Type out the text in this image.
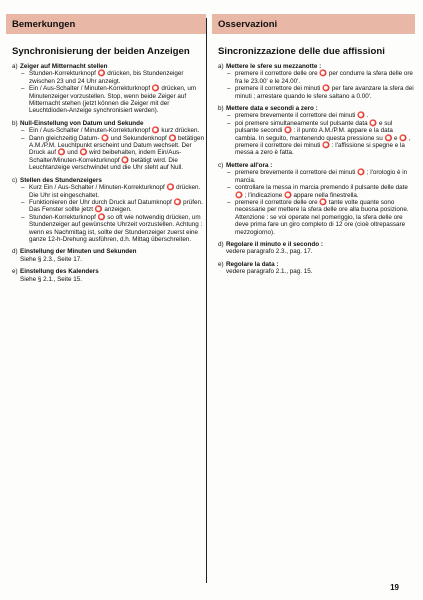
Bemerkungen
Synchronisierung der beiden Anzeigen
a) Zeiger auf Mitternacht stellen
– Stunden-Korrekturknopf ⭕ drücken, bis Stundenzeiger zwischen 23 und 24 Uhr anzeigt.
– Ein / Aus-Schalter / Minuten-Korrekturknopf ⭕ drücken, um Minutenzeiger vorzustellen. Stop, wenn beide Zeiger auf Mitternacht stehen (jetzt können die Zeiger mit der Leuchtdioden-Anzeige synchronisiert werden).
b) Null-Einstellung von Datum und Sekunde
– Ein / Aus-Schalter / Minuten-Korrekturknopf ⭕ kurz drücken.
– Dann gleichzeitig Datum- ⭕ und Sekundenknopf ⭕ betätigen A.M./P.M. Leuchtpunkt erscheint und Datum wechselt. Der Druck auf ⭕ und ⭕ wird beibehalten, indem Ein/Aus-Schalter/Minuten-Korrekturknopf ⭕ betätigt wird. Die Leuchtanzeige verschwindet und die Uhr steht auf Null.
c) Stellen des Stundenzeigers
– Kurz Ein / Aus-Schalter / Minuten-Korrekturknopf ⭕ drücken. Die Uhr ist eingeschaltet.
– Funktionieren der Uhr durch Druck auf Datumknopf ⭕ prüfen. Das Fenster sollte jetzt ⭕ anzeigen.
– Stunden-Korrekturknopf ⭕ so oft wie notwendig drücken, um Stundenzeiger auf gewünschte Uhrzeit vorzustellen. Achtung : wenn es Nachmittag ist, sollte der Stundenzeiger zuerst eine ganze 12-h-Drehung ausführen, d.h. Mittag überschreiten.
d) Einstellung der Minuten und Sekunden
Siehe § 2.3., Seite 17.
e) Einstellung des Kalenders
Siehe § 2.1., Seite 15.
Osservazioni
Sincronizzazione delle due affissioni
a) Mettere le sfere su mezzanotte :
– premere il correttore delle ore ⭕ per condurre la sfera delle ore fra le 23.00' e le 24.00'.
– premere il correttore dei minuti ⭕ per fare avanzare la sfera dei minuti ; arrestare quando le sfere saltano a 0.00'.
b) Mettere data e secondi a zero :
– premere brevemente il correttore dei minuti ⭕ .
– poi premere simultaneamente sul pulsante data ⭕ e sul pulsante secondi ⭕ : il punto A.M./P.M. appare e la data cambia. In seguito, mantenendo questa pressione su ⭕ e ⭕ , premere il correttore dei minuti ⭕ : l'affissione si spegne e la messa a zero è fatta.
c) Mettere all'ora :
– premere brevemente il correttore dei minuti ⭕ ; l'orologio è in marcia.
– controllare la messa in marcia premendo il pulsante delle date ⭕ ; l'indicazione ⭕ appare nella finestrella.
– premere il correttore delle ore ⭕ tante volte quante sono necessarie per mettere la sfera delle ore alla buona posizione. Attenzione : se voi operate nel pomeriggio, la sfera delle ore deve prima fare un giro completo di 12 ore (cioè oltrepassare mezzogiorno).
d) Regolare il minuto e il secondo :
vedere paragrafo 2.3., pag. 17.
e) Regolare la data :
vedere paragrafo 2.1., pag. 15.
19
